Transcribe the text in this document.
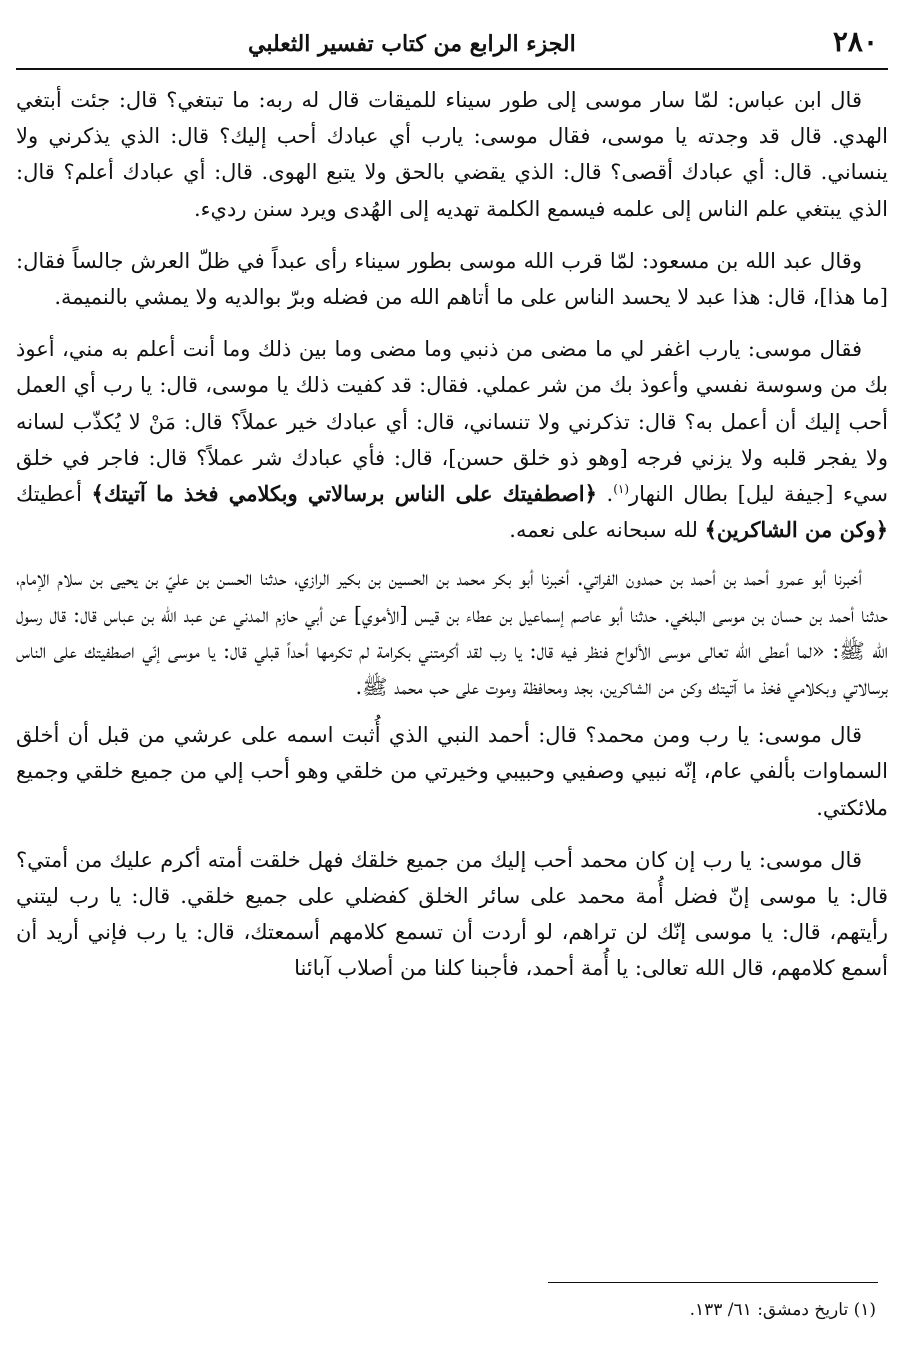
٢٨٠
الجزء الرابع من كتاب تفسير الثعلبي

قال ابن عباس: لمّا سار موسى إلى طور سيناء للميقات قال له ربه: ما تبتغي؟ قال: جئت أبتغي الهدي. قال قد وجدته يا موسى، فقال موسى: يارب أي عبادك أحب إليك؟ قال: الذي يذكرني ولا ينساني. قال: أي عبادك أقصى؟ قال: الذي يقضي بالحق ولا يتبع الهوى. قال: أي عبادك أعلم؟ قال: الذي يبتغي علم الناس إلى علمه فيسمع الكلمة تهديه إلى الهُدى ويرد سنن رديء.

وقال عبد الله بن مسعود: لمّا قرب الله موسى بطور سيناء رأى عبداً في ظلّ العرش جالساً فقال: [ما هذا]، قال: هذا عبد لا يحسد الناس على ما أتاهم الله من فضله وبرّ بوالديه ولا يمشي بالنميمة.

فقال موسى: يارب اغفر لي ما مضى من ذنبي وما مضى وما بين ذلك وما أنت أعلم به مني، أعوذ بك من وسوسة نفسي وأعوذ بك من شر عملي. فقال: قد كفيت ذلك يا موسى، قال: يا رب أي العمل أحب إليك أن أعمل به؟ قال: تذكرني ولا تنساني، قال: أي عبادك خير عملاً؟ قال: مَنْ لا يُكذّب لسانه ولا يفجر قلبه ولا يزني فرجه [وهو ذو خلق حسن]، قال: فأي عبادك شر عملاً؟ قال: فاجر في خلق سيء [جيفة ليل] بطال النهار$^{(١)}$. ﴿اصطفيتك على الناس برسالاتي وبكلامي فخذ ما آتيتك﴾ أعطيتك ﴿وكن من الشاكرين﴾ لله سبحانه على نعمه.

أخبرنا أبو عمرو أحمد بن أحمد بن حمدون الفراتي. أخبرنا أبو بكر محمد بن الحسين بن بكير الرازي، حدثنا الحسن بن عليّ بن يحيى بن سلام الإمام، حدثنا أحمد بن حسان بن موسى البلخي. حدثنا أبو عاصم إسماعيل بن عطاء بن قيس [الأموي] عن أبي حازم المدني عن عبد الله بن عباس قال: قال رسول الله ﷺ: «لما أعطى الله تعالى موسى الألواح فنظر فيه قال: يا رب لقد أكرمتني بكرامة لم تكرمها أحداً قبلي قال: يا موسى إنّي اصطفيتك على الناس برسالاتي وبكلامي فخذ ما آتيتك وكن من الشاكرين، بجد ومحافظة وموت على حب محمد ﷺ.

قال موسى: يا رب ومن محمد؟ قال: أحمد النبي الذي أُثبت اسمه على عرشي من قبل أن أخلق السماوات بألفي عام، إنّه نبيي وصفيي وحبيبي وخيرتي من خلقي وهو أحب إلي من جميع خلقي وجميع ملائكتي.

قال موسى: يا رب إن كان محمد أحب إليك من جميع خلقك فهل خلقت أمته أكرم عليك من أمتي؟ قال: يا موسى إنّ فضل أُمة محمد على سائر الخلق كفضلي على جميع خلقي. قال: يا رب ليتني رأيتهم، قال: يا موسى إنّك لن تراهم، لو أردت أن تسمع كلامهم أسمعتك، قال: يا رب فإني أريد أن أسمع كلامهم، قال الله تعالى: يا أُمة أحمد، فأجبنا كلنا من أصلاب آبائنا

(١) تاريخ دمشق: ٦١/ ١٣٣.
